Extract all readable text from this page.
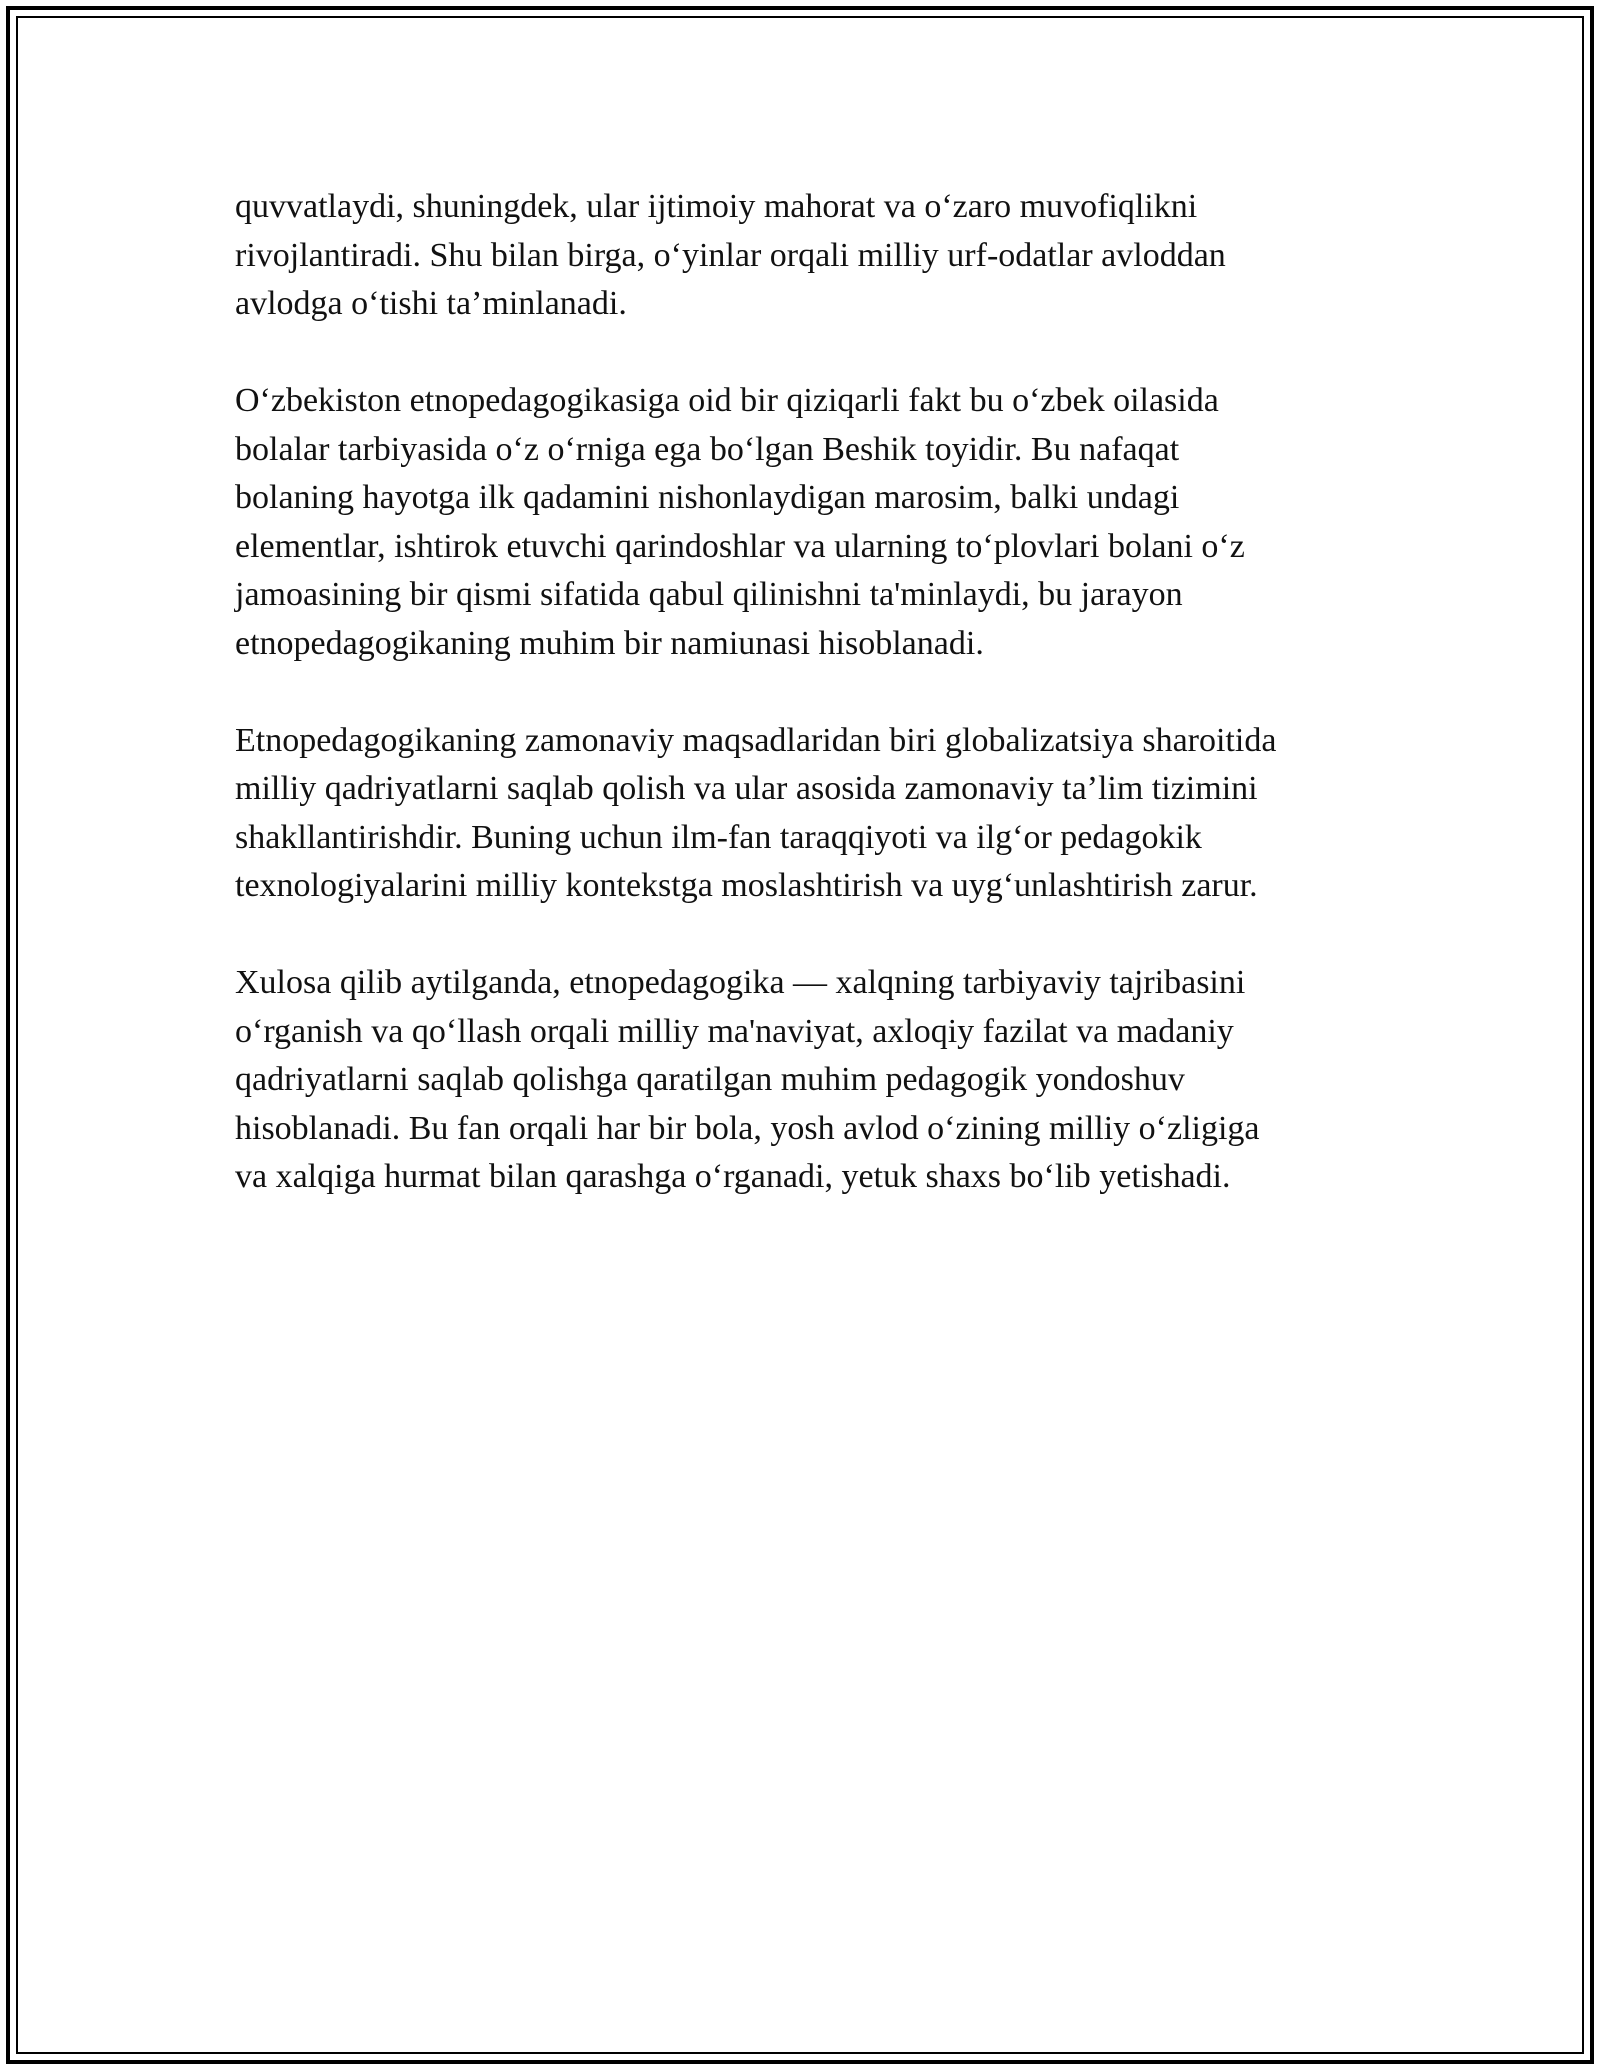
quvvatlaydi, shuningdek, ular ijtimoiy mahorat va o‘zaro muvofiqlikni
rivojlantiradi. Shu bilan birga, o‘yinlar orqali milliy urf-odatlar avloddan
avlodga o‘tishi ta’minlanadi.

O‘zbekiston etnopedagogikasiga oid bir qiziqarli fakt bu o‘zbek oilasida
bolalar tarbiyasida o‘z o‘rniga ega bo‘lgan Beshik toyidir. Bu nafaqat
bolaning hayotga ilk qadamini nishonlaydigan marosim, balki undagi
elementlar, ishtirok etuvchi qarindoshlar va ularning to‘plovlari bolani o‘z
jamoasining bir qismi sifatida qabul qilinishni ta'minlaydi, bu jarayon
etnopedagogikaning muhim bir namiunasi hisoblanadi.

Etnopedagogikaning zamonaviy maqsadlaridan biri globalizatsiya sharoitida
milliy qadriyatlarni saqlab qolish va ular asosida zamonaviy ta’lim tizimini
shakllantirishdir. Buning uchun ilm-fan taraqqiyoti va ilg‘or pedagokik
texnologiyalarini milliy kontekstga moslashtirish va uyg‘unlashtirish zarur.

Xulosa qilib aytilganda, etnopedagogika — xalqning tarbiyaviy tajribasini
o‘rganish va qo‘llash orqali milliy ma'naviyat, axloqiy fazilat va madaniy
qadriyatlarni saqlab qolishga qaratilgan muhim pedagogik yondoshuv
hisoblanadi. Bu fan orqali har bir bola, yosh avlod o‘zining milliy o‘zligiga
va xalqiga hurmat bilan qarashga o‘rganadi, yetuk shaxs bo‘lib yetishadi.
